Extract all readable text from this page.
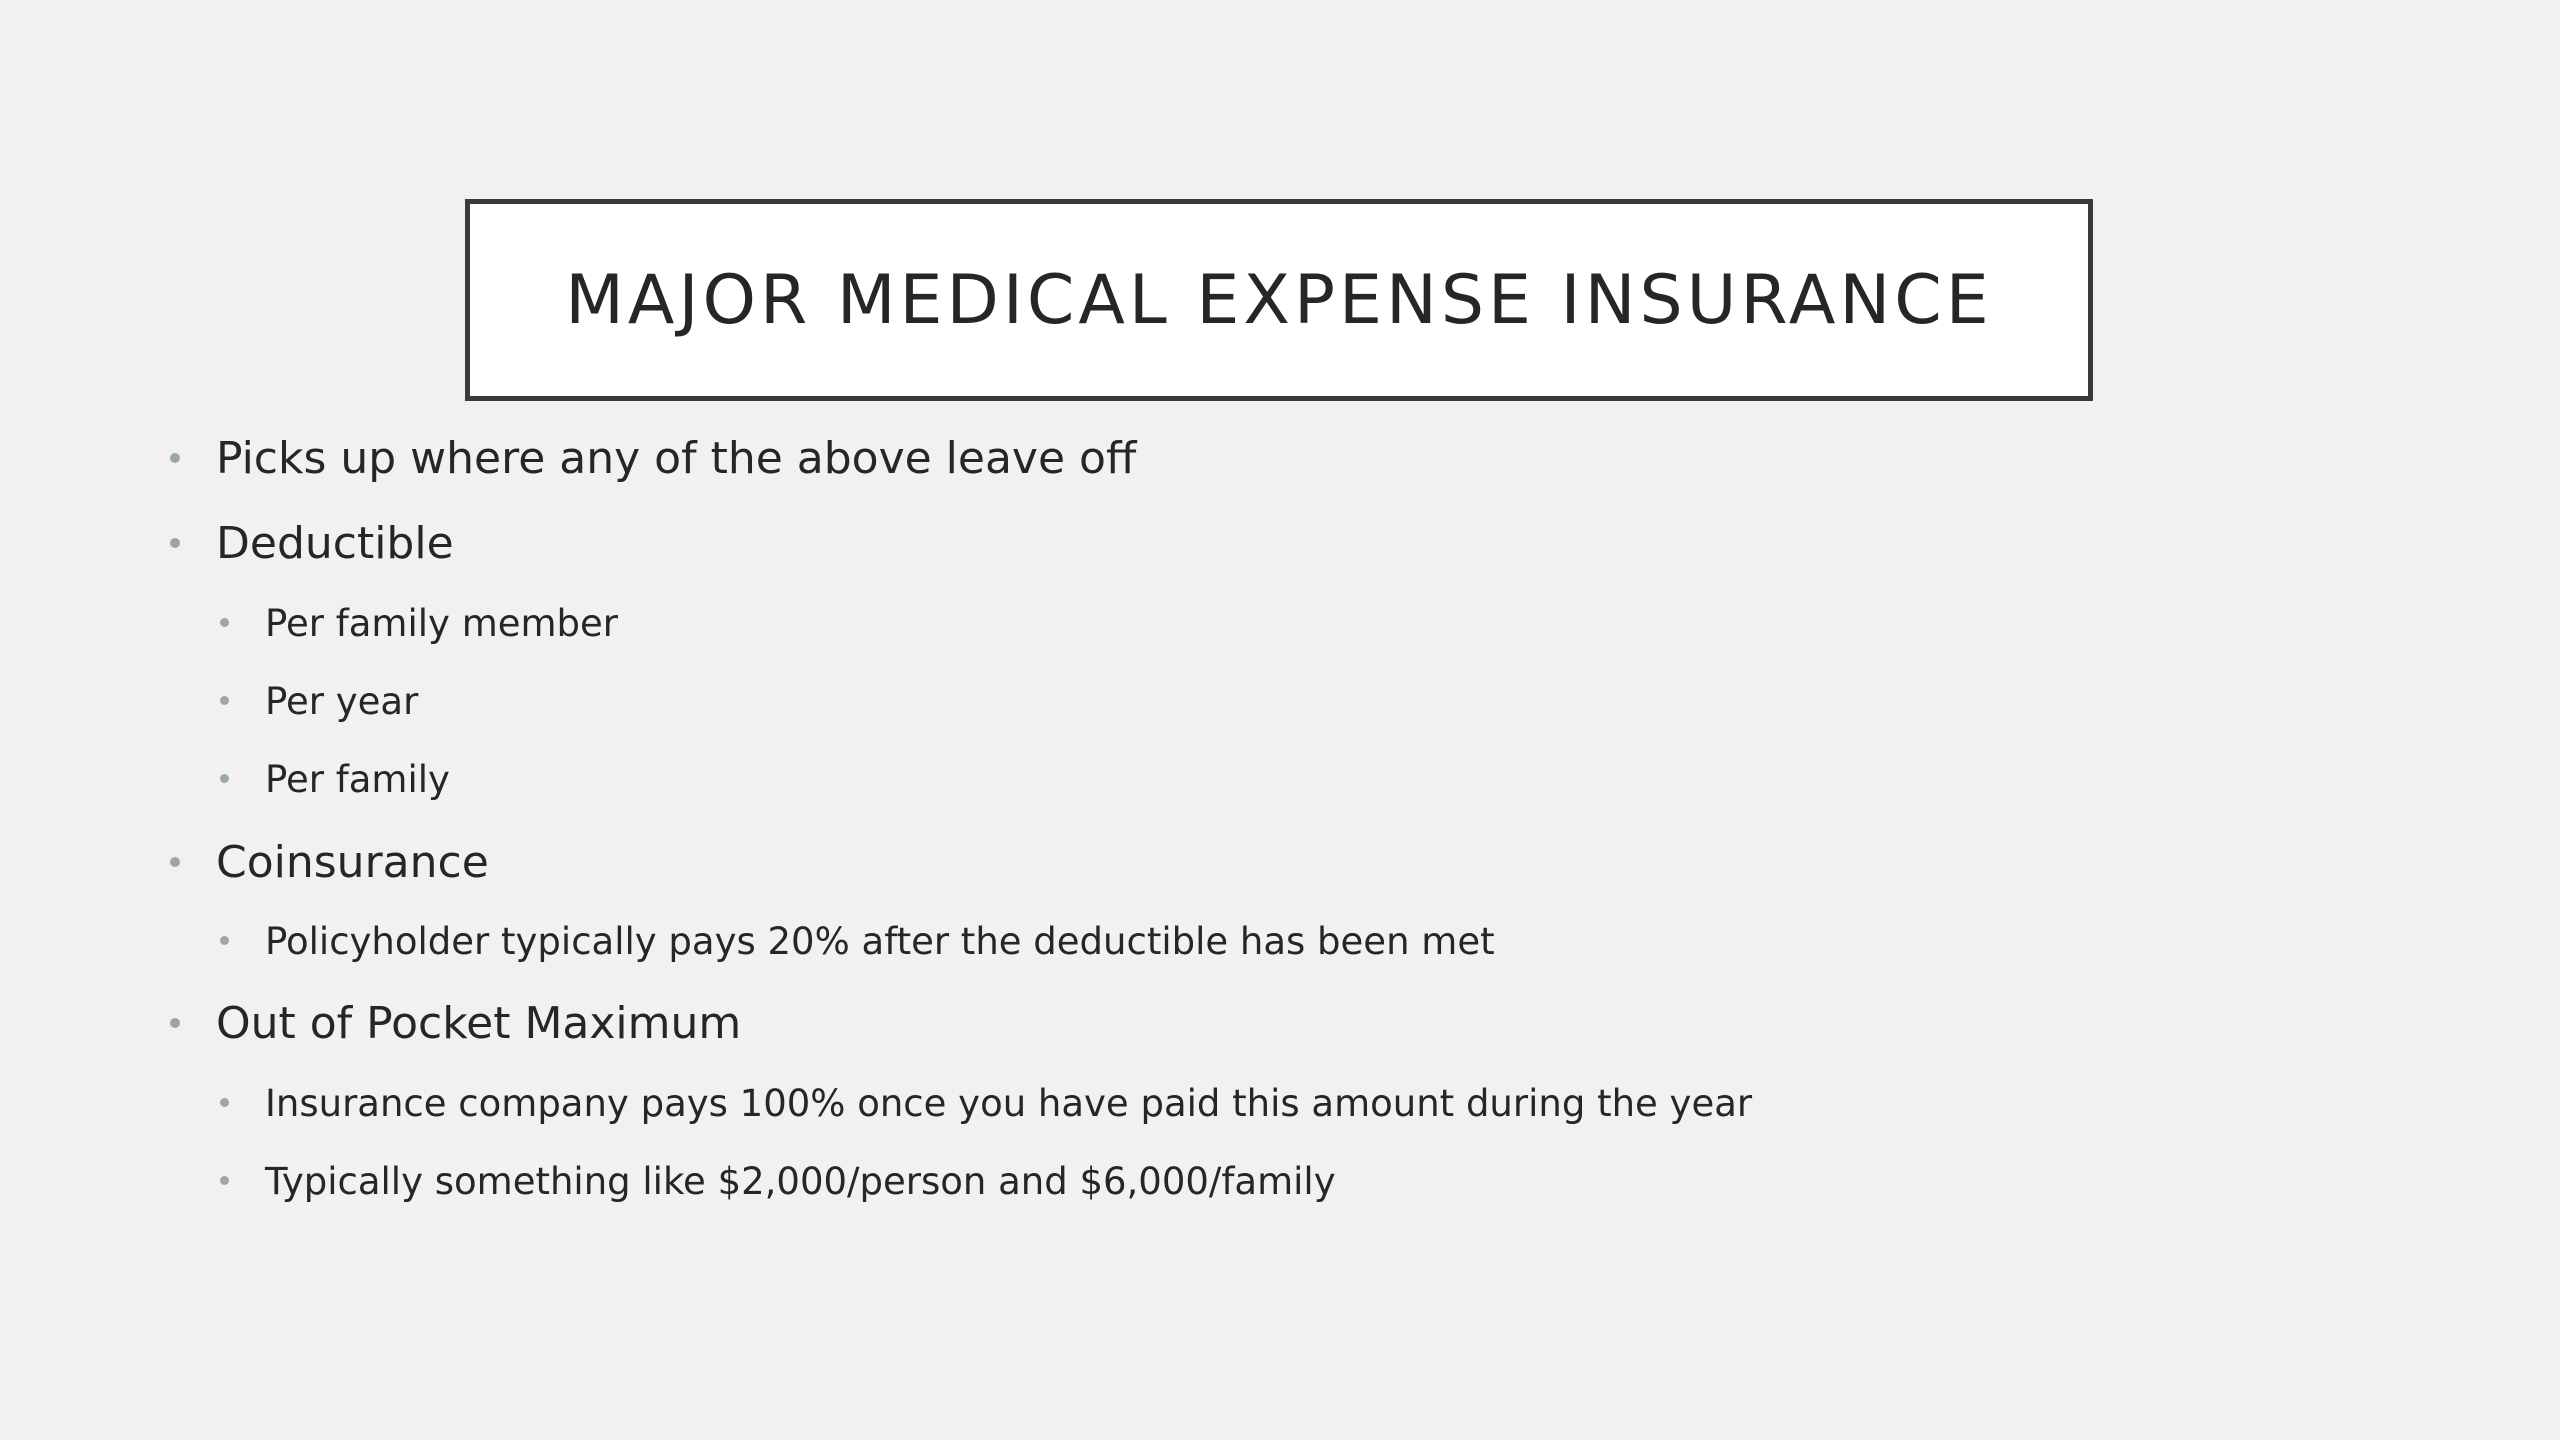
MAJOR MEDICAL EXPENSE INSURANCE
Picks up where any of the above leave off
Deductible
Per family member
Per year
Per family
Coinsurance
Policyholder typically pays 20% after the deductible has been met
Out of Pocket Maximum
Insurance company pays 100% once you have paid this amount during the year
Typically something like $2,000/person and $6,000/family
